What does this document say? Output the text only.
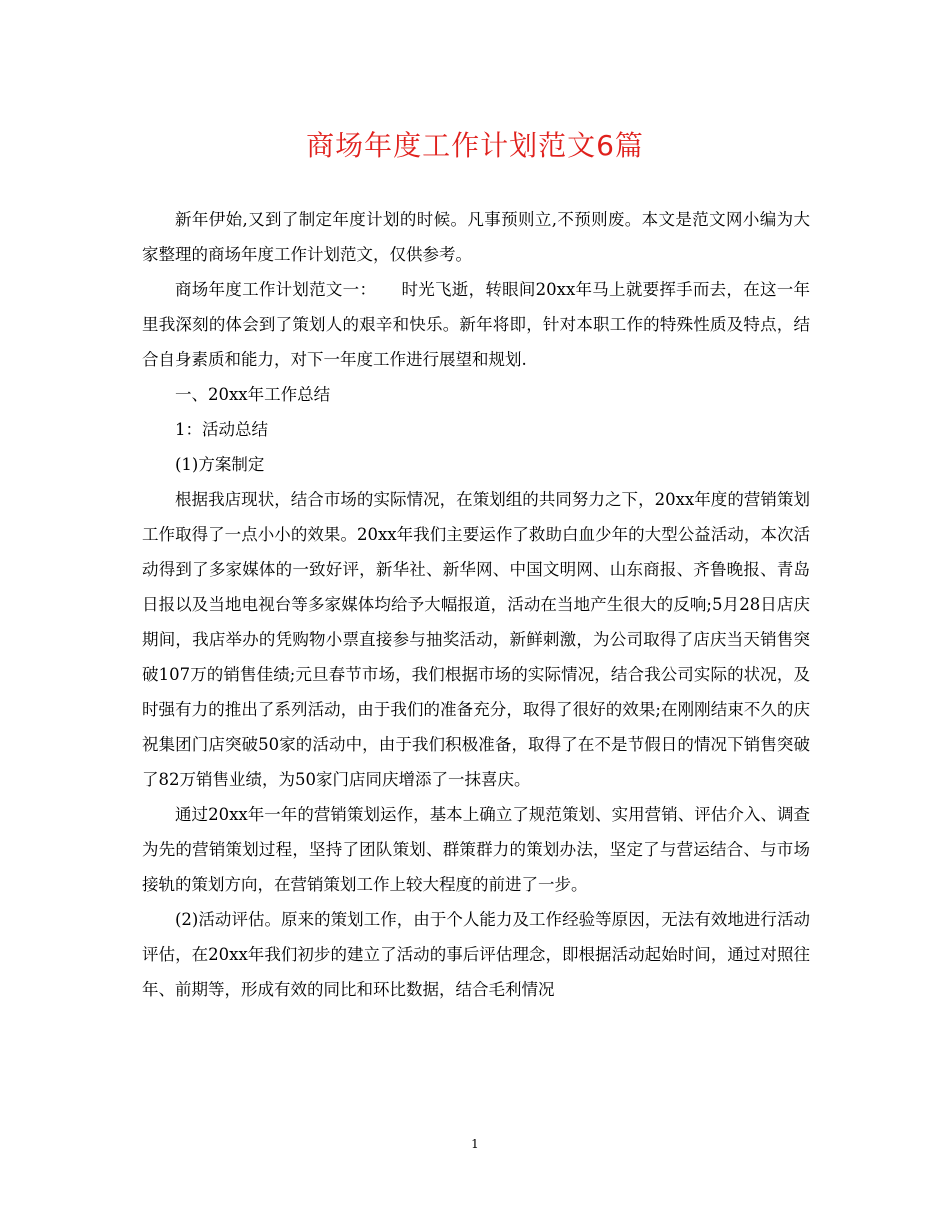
商场年度工作计划范文6篇

新年伊始,又到了制定年度计划的时候。凡事预则立,不预则废。本文是范文网小编为大家整理的商场年度工作计划范文，仅供参考。

商场年度工作计划范文一：　　时光飞逝，转眼间20xx年马上就要挥手而去，在这一年里我深刻的体会到了策划人的艰辛和快乐。新年将即，针对本职工作的特殊性质及特点，结合自身素质和能力，对下一年度工作进行展望和规划.

一、20xx年工作总结

1：活动总结

(1)方案制定

根据我店现状，结合市场的实际情况，在策划组的共同努力之下，20xx年度的营销策划工作取得了一点小小的效果。20xx年我们主要运作了救助白血少年的大型公益活动，本次活动得到了多家媒体的一致好评，新华社、新华网、中国文明网、山东商报、齐鲁晚报、青岛日报以及当地电视台等多家媒体均给予大幅报道，活动在当地产生很大的反响;5月28日店庆期间，我店举办的凭购物小票直接参与抽奖活动，新鲜刺激，为公司取得了店庆当天销售突破107万的销售佳绩;元旦春节市场，我们根据市场的实际情况，结合我公司实际的状况，及时强有力的推出了系列活动，由于我们的准备充分，取得了很好的效果;在刚刚结束不久的庆祝集团门店突破50家的活动中，由于我们积极准备，取得了在不是节假日的情况下销售突破了82万销售业绩，为50家门店同庆增添了一抹喜庆。

通过20xx年一年的营销策划运作，基本上确立了规范策划、实用营销、评估介入、调查为先的营销策划过程，坚持了团队策划、群策群力的策划办法，坚定了与营运结合、与市场接轨的策划方向，在营销策划工作上较大程度的前进了一步。

(2)活动评估。原来的策划工作，由于个人能力及工作经验等原因，无法有效地进行活动评估，在20xx年我们初步的建立了活动的事后评估理念，即根据活动起始时间，通过对照往年、前期等，形成有效的同比和环比数据，结合毛利情况

1
